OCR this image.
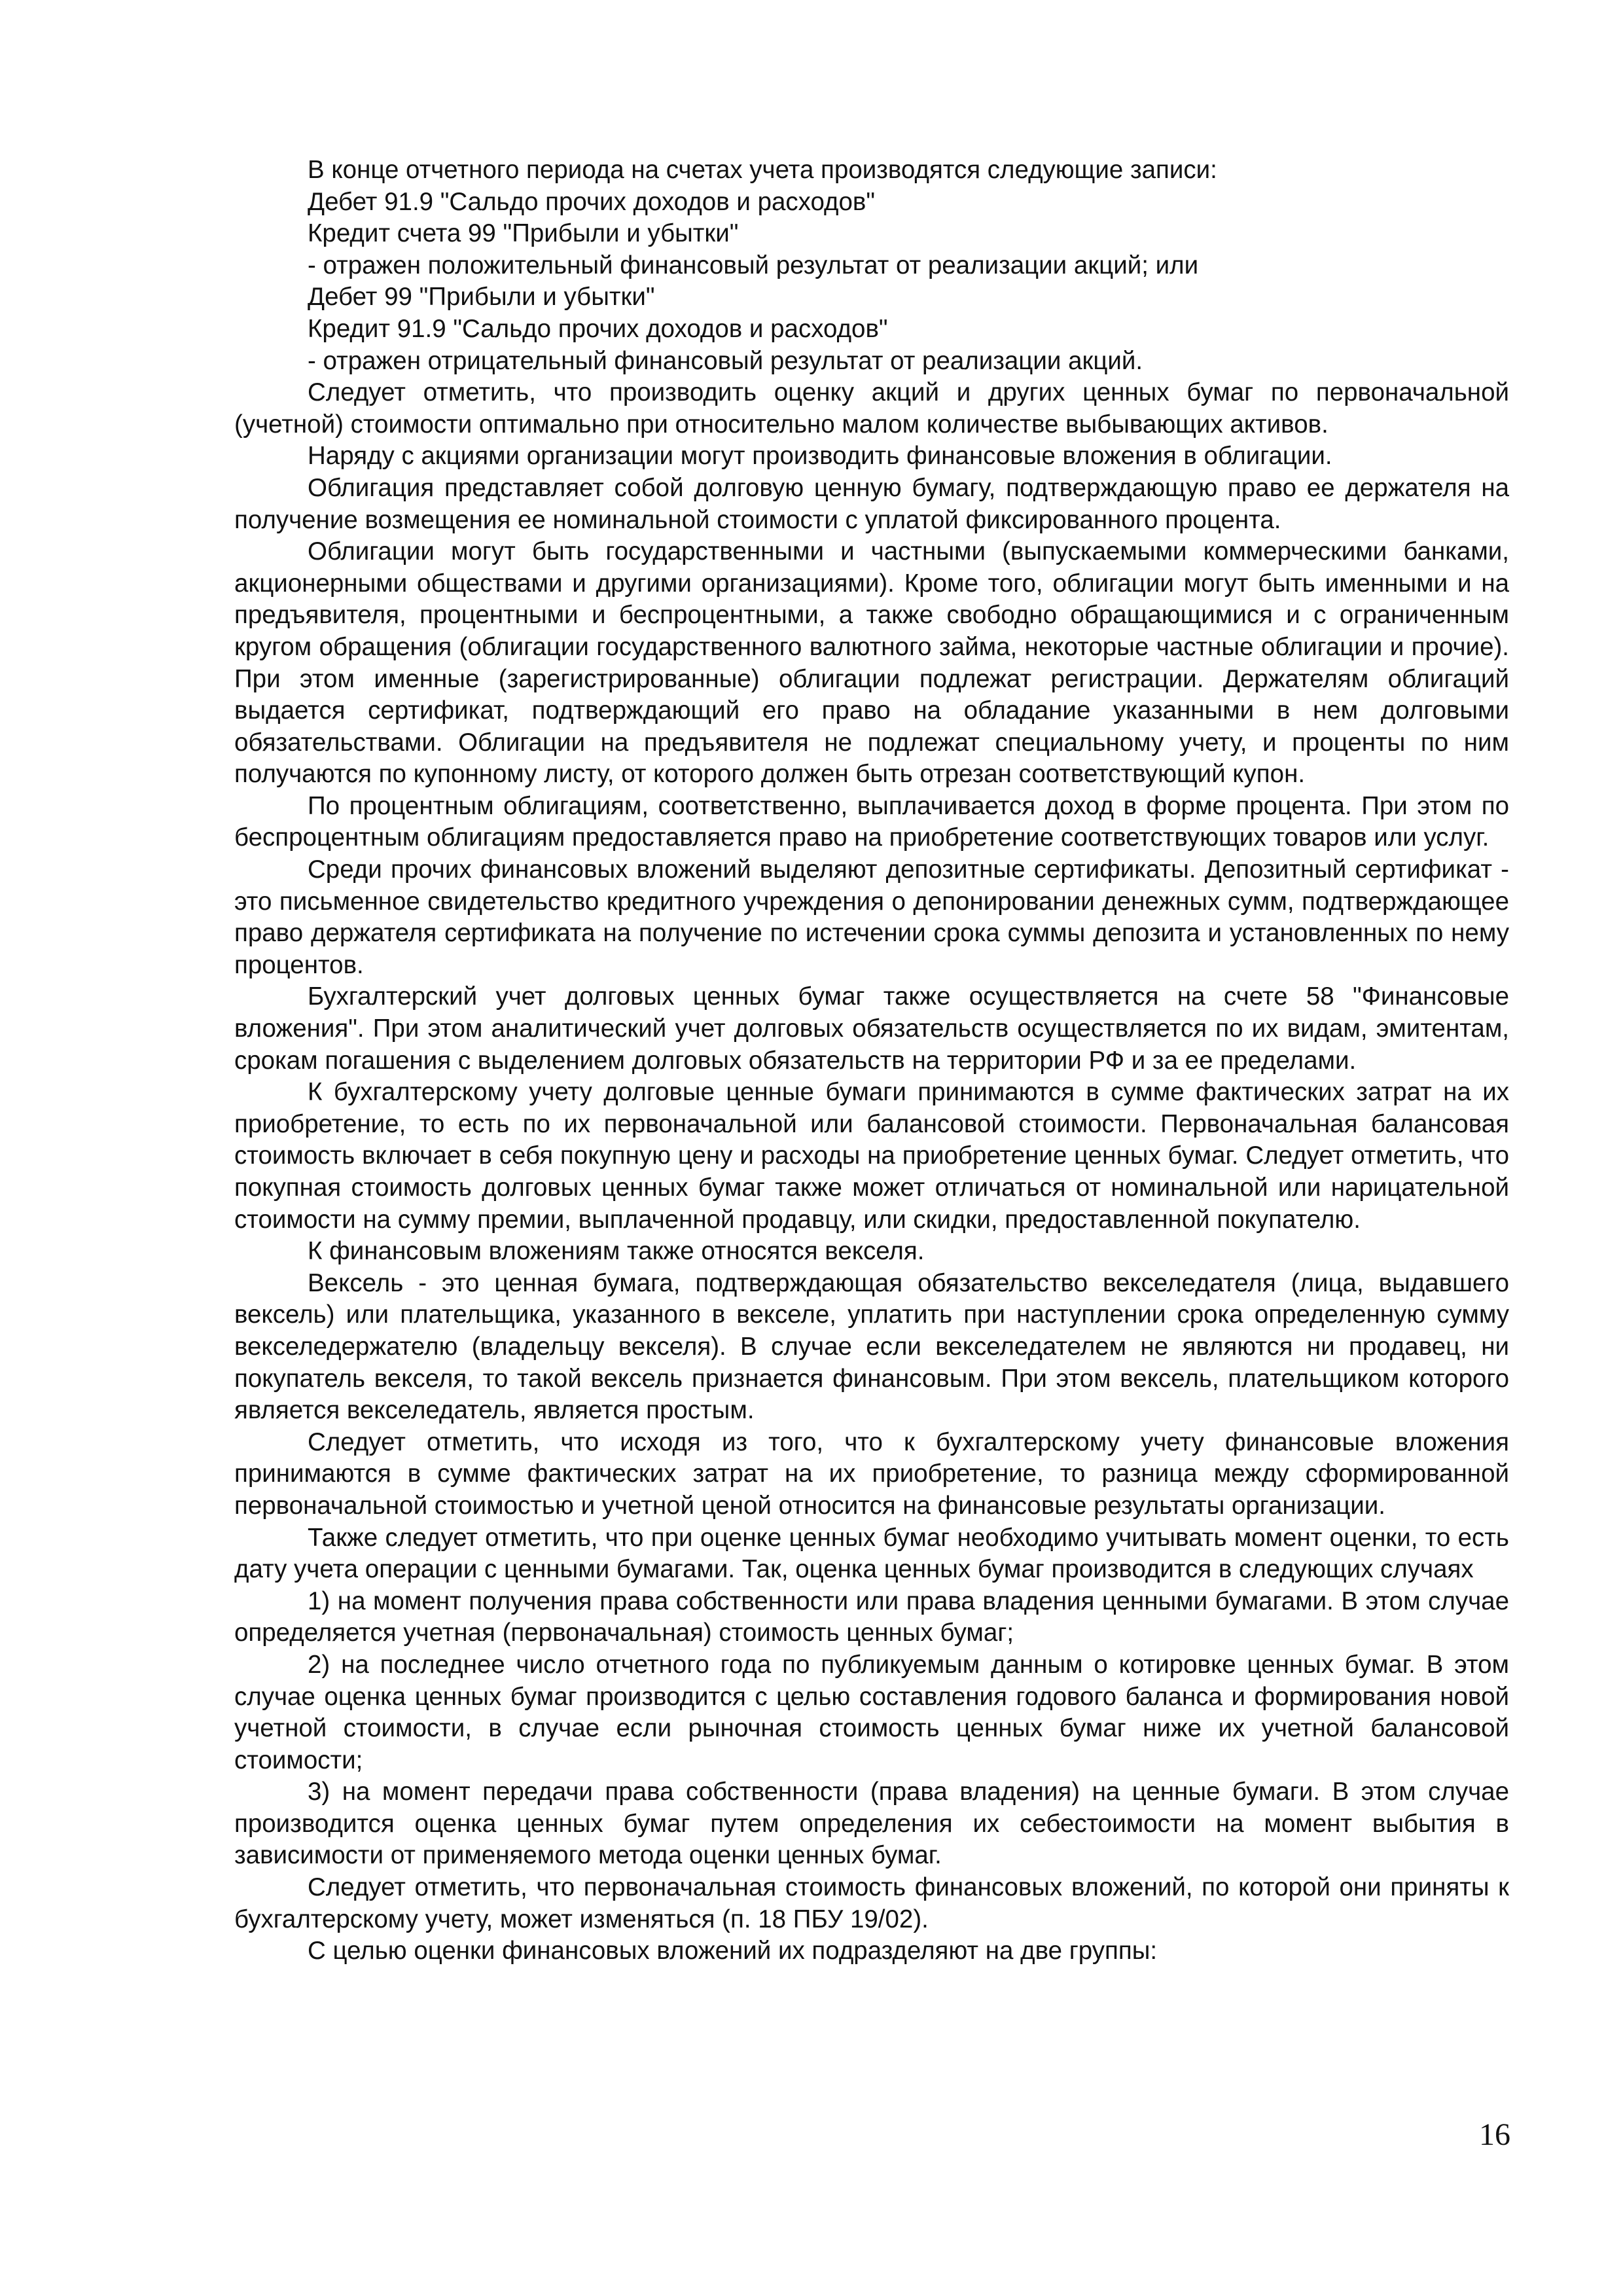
В конце отчетного периода на счетах учета производятся следующие записи:

Дебет 91.9 "Сальдо прочих доходов и расходов"

Кредит счета 99 "Прибыли и убытки"

- отражен положительный финансовый результат от реализации акций; или

Дебет 99 "Прибыли и убытки"

Кредит 91.9 "Сальдо прочих доходов и расходов"

- отражен отрицательный финансовый результат от реализации акций.

Следует отметить, что производить оценку акций и других ценных бумаг по первоначальной (учетной) стоимости оптимально при относительно малом количестве выбывающих активов.

Наряду с акциями организации могут производить финансовые вложения в облигации.

Облигация представляет собой долговую ценную бумагу, подтверждающую право ее держателя на получение возмещения ее номинальной стоимости с уплатой фиксированного процента.

Облигации могут быть государственными и частными (выпускаемыми коммерческими банками, акционерными обществами и другими организациями). Кроме того, облигации могут быть именными и на предъявителя, процентными и беспроцентными, а также свободно обращающимися и с ограниченным кругом обращения (облигации государственного валютного займа, некоторые частные облигации и прочие). При этом именные (зарегистрированные) облигации подлежат регистрации. Держателям облигаций выдается сертификат, подтверждающий его право на обладание указанными в нем долговыми обязательствами. Облигации на предъявителя не подлежат специальному учету, и проценты по ним получаются по купонному листу, от которого должен быть отрезан соответствующий купон.

По процентным облигациям, соответственно, выплачивается доход в форме процента. При этом по беспроцентным облигациям предоставляется право на приобретение соответствующих товаров или услуг.

Среди прочих финансовых вложений выделяют депозитные сертификаты. Депозитный сертификат - это письменное свидетельство кредитного учреждения о депонировании денежных сумм, подтверждающее право держателя сертификата на получение по истечении срока суммы депозита и установленных по нему процентов.

Бухгалтерский учет долговых ценных бумаг также осуществляется на счете 58 "Финансовые вложения". При этом аналитический учет долговых обязательств осуществляется по их видам, эмитентам, срокам погашения с выделением долговых обязательств на территории РФ и за ее пределами.

К бухгалтерскому учету долговые ценные бумаги принимаются в сумме фактических затрат на их приобретение, то есть по их первоначальной или балансовой стоимости. Первоначальная балансовая стоимость включает в себя покупную цену и расходы на приобретение ценных бумаг. Следует отметить, что покупная стоимость долговых ценных бумаг также может отличаться от номинальной или нарицательной стоимости на сумму премии, выплаченной продавцу, или скидки, предоставленной покупателю.

К финансовым вложениям также относятся векселя.

Вексель - это ценная бумага, подтверждающая обязательство векселедателя (лица, выдавшего вексель) или плательщика, указанного в векселе, уплатить при наступлении срока определенную сумму векселедержателю (владельцу векселя). В случае если векселедателем не являются ни продавец, ни покупатель векселя, то такой вексель признается финансовым. При этом вексель, плательщиком которого является векселедатель, является простым.

Следует отметить, что исходя из того, что к бухгалтерскому учету финансовые вложения принимаются в сумме фактических затрат на их приобретение, то разница между сформированной первоначальной стоимостью и учетной ценой относится на финансовые результаты организации.

Также следует отметить, что при оценке ценных бумаг необходимо учитывать момент оценки, то есть дату учета операции с ценными бумагами. Так, оценка ценных бумаг производится в следующих случаях

1) на момент получения права собственности или права владения ценными бумагами. В этом случае определяется учетная (первоначальная) стоимость ценных бумаг;

2) на последнее число отчетного года по публикуемым данным о котировке ценных бумаг. В этом случае оценка ценных бумаг производится с целью составления годового баланса и формирования новой учетной стоимости, в случае если рыночная стоимость ценных бумаг ниже их учетной балансовой стоимости;

3) на момент передачи права собственности (права владения) на ценные бумаги. В этом случае производится оценка ценных бумаг путем определения их себестоимости на момент выбытия в зависимости от применяемого метода оценки ценных бумаг.

Следует отметить, что первоначальная стоимость финансовых вложений, по которой они приняты к бухгалтерскому учету, может изменяться (п. 18 ПБУ 19/02).

С целью оценки финансовых вложений их подразделяют на две группы:

16
